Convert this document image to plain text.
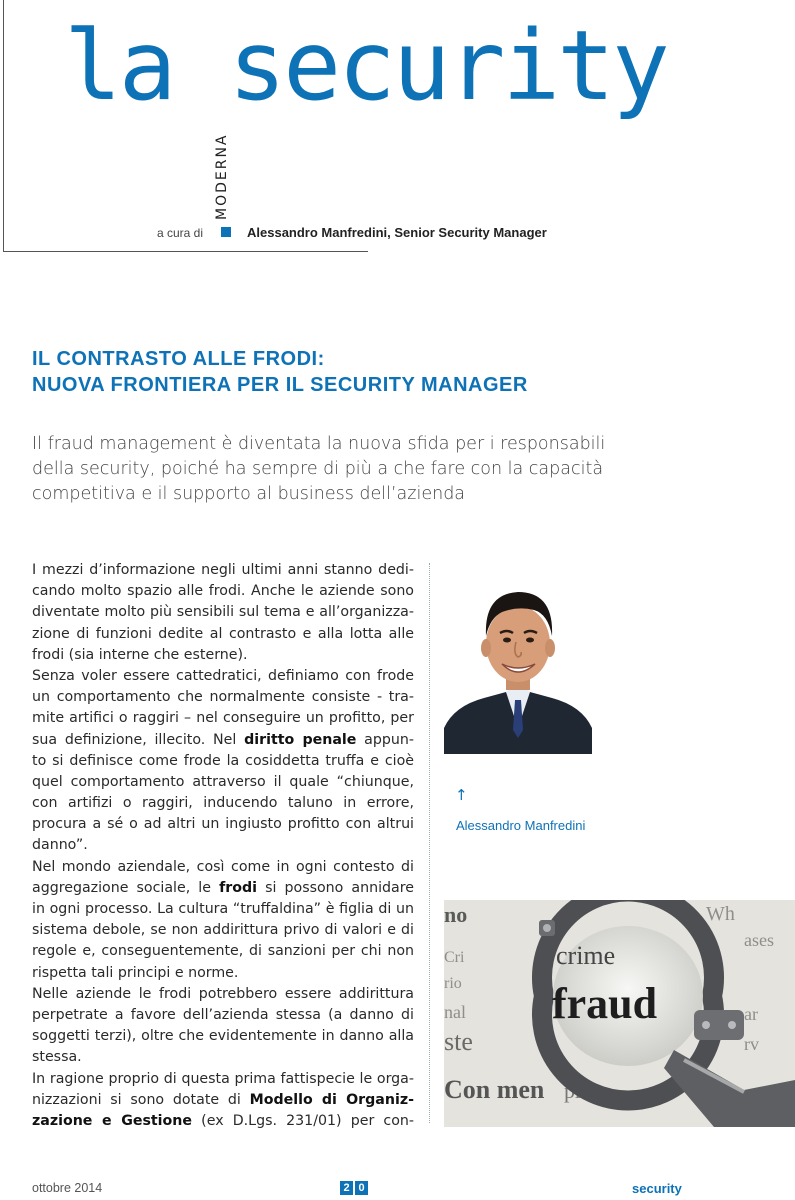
la security
MODERNA
a cura di	Alessandro Manfredini, Senior Security Manager
IL CONTRASTO ALLE FRODI:
NUOVA FRONTIERA PER IL SECURITY MANAGER

Il fraud management è diventata la nuova sfida per i responsabili
della security, poiché ha sempre di più a che fare con la capacità
competitiva e il supporto al business dell’azienda

I mezzi d’informazione negli ultimi anni stanno dedi-
cando molto spazio alle frodi. Anche le aziende sono
diventate molto più sensibili sul tema e all’organizza-
zione di funzioni dedite al contrasto e alla lotta alle
frodi (sia interne che esterne).
Senza voler essere cattedratici, definiamo con frode
un comportamento che normalmente consiste - tra-
mite artifici o raggiri – nel conseguire un profitto, per
sua definizione, illecito. Nel diritto penale appun-
to si definisce come frode la cosiddetta truffa e cioè
quel comportamento attraverso il quale “chiunque,
con artifizi o raggiri, inducendo taluno in errore,
procura a sé o ad altri un ingiusto profitto con altrui
danno”.
Nel mondo aziendale, così come in ogni contesto di
aggregazione sociale, le frodi si possono annidare
in ogni processo. La cultura “truffaldina” è figlia di un
sistema debole, se non addirittura privo di valori e di
regole e, conseguentemente, di sanzioni per chi non
rispetta tali principi e norme.
Nelle aziende le frodi potrebbero essere addirittura
perpetrate a favore dell’azienda stessa (a danno di
soggetti terzi), oltre che evidentemente in danno alla
stessa.
In ragione proprio di questa prima fattispecie le orga-
nizzazioni si sono dotate di Modello di Organiz-
zazione e Gestione (ex D.Lgs. 231/01) per con-
↑
Alessandro Manfredini
no	Wh
ases
Cri
rio
nal
ste
Con men pro
ar
rv
crime
fraud
ottobre 2014	2 0	security
